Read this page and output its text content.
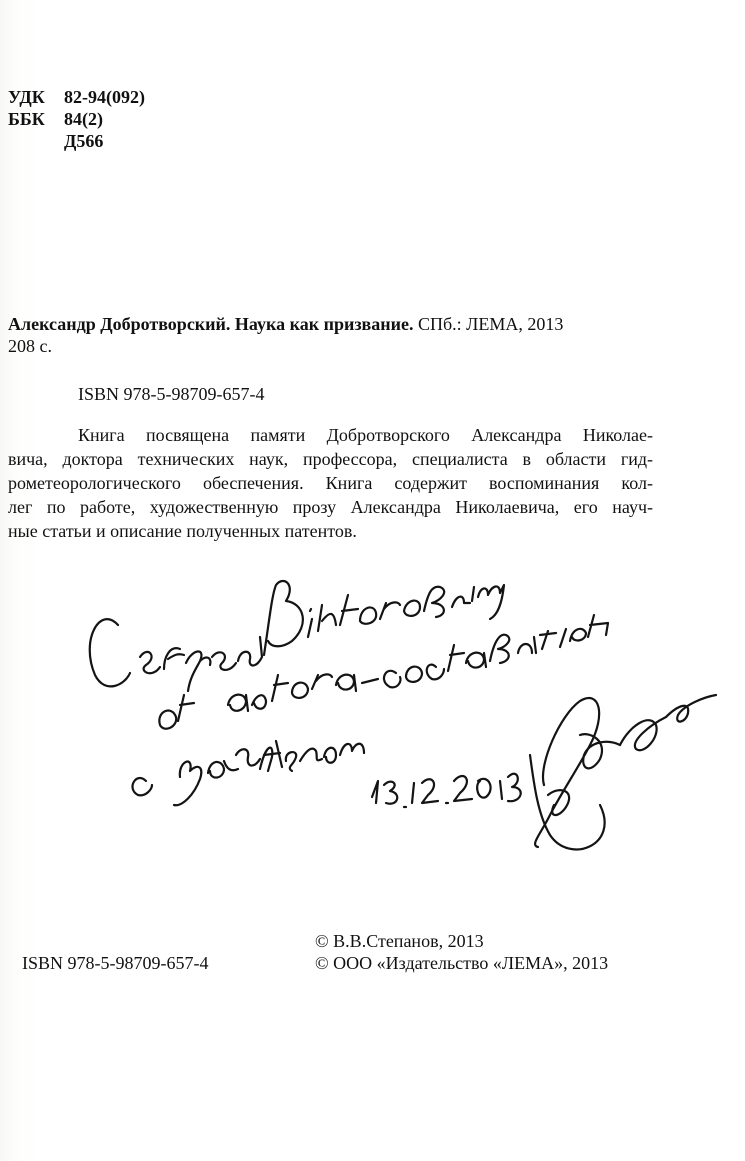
УДК	82-94(092)
ББК	84(2)
Д566
Александр Добротворский. Наука как призвание. СПб.: ЛЕМА, 2013
208 с.
ISBN 978-5-98709-657-4
Книга посвящена памяти Добротворского Александра Николае-
вича, доктора технических наук, профессора, специалиста в области гид-
рометеорологического обеспечения. Книга содержит воспоминания кол-
лег по работе, художественную прозу Александра Николаевича, его науч-
ные статьи и описание полученных патентов.
© В.В.Степанов, 2013
© ООО «Издательство «ЛЕМА», 2013
ISBN 978-5-98709-657-4
